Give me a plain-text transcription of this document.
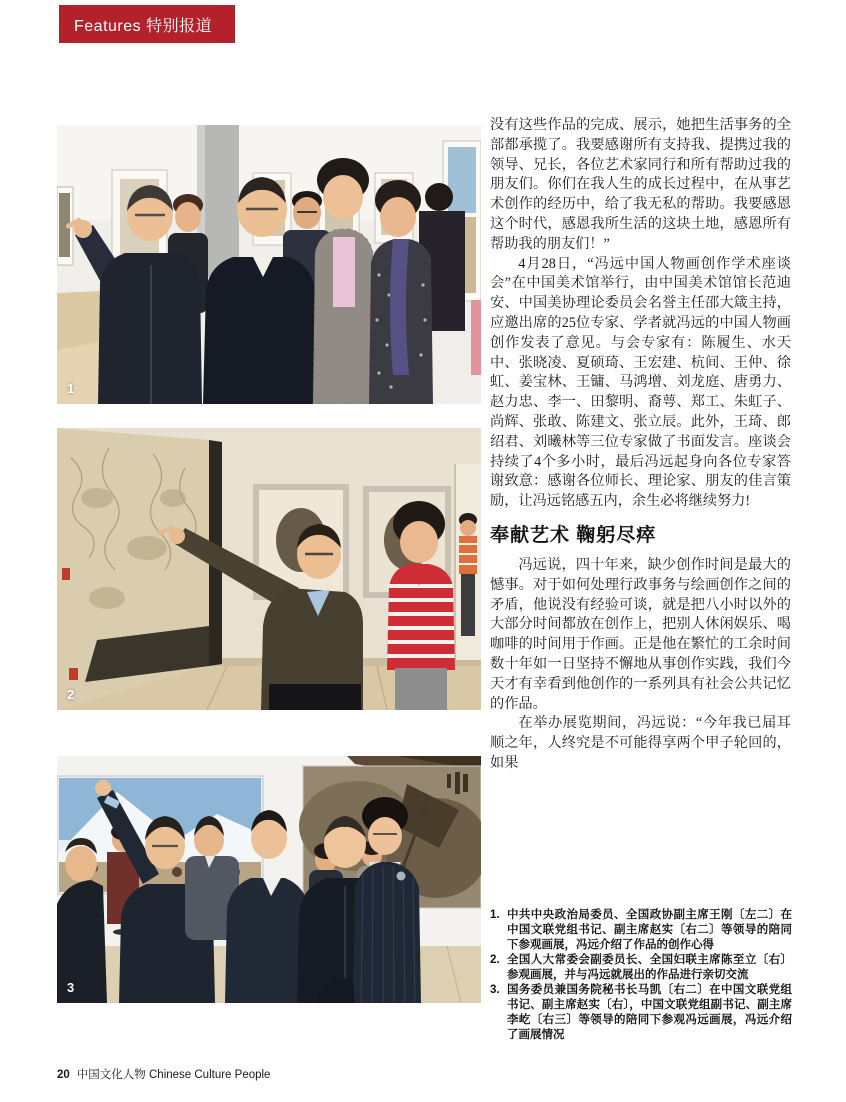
Features 特别报道
1
2
3

没有这些作品的完成、展示，她把生活事务的全部都承揽了。我要感谢所有支持我、提携过我的领导、兄长，各位艺术家同行和所有帮助过我的朋友们。你们在我人生的成长过程中，在从事艺术创作的经历中，给了我无私的帮助。我要感恩这个时代，感恩我所生活的这块土地，感恩所有帮助我的朋友们！”

4月28日，“冯远中国人物画创作学术座谈会”在中国美术馆举行，由中国美术馆馆长范迪安、中国美协理论委员会名誉主任邵大箴主持，应邀出席的25位专家、学者就冯远的中国人物画创作发表了意见。与会专家有：陈履生、水天中、张晓凌、夏硕琦、王宏建、杭间、王仲、徐虹、姜宝林、王镛、马鸿增、刘龙庭、唐勇力、赵力忠、李一、田黎明、裔萼、郑工、朱虹子、尚辉、张敢、陈建文、张立辰。此外，王琦、郎绍君、刘曦林等三位专家做了书面发言。座谈会持续了4个多小时，最后冯远起身向各位专家答谢致意：感谢各位师长、理论家、朋友的佳言策励，让冯远铭感五内，余生必将继续努力!

奉献艺术 鞠躬尽瘁

冯远说，四十年来，缺少创作时间是最大的憾事。对于如何处理行政事务与绘画创作之间的矛盾，他说没有经验可谈，就是把八小时以外的大部分时间都放在创作上，把别人休闲娱乐、喝咖啡的时间用于作画。正是他在繁忙的工余时间数十年如一日坚持不懈地从事创作实践，我们今天才有幸看到他创作的一系列具有社会公共记忆的作品。

在举办展览期间，冯远说：“今年我已届耳顺之年，人终究是不可能得享两个甲子轮回的，如果

1. 中共中央政治局委员、全国政协副主席王刚〔左二〕在中国文联党组书记、副主席赵实〔右二〕等领导的陪同下参观画展，冯远介绍了作品的创作心得
2. 全国人大常委会副委员长、全国妇联主席陈至立〔右〕参观画展，并与冯远就展出的作品进行亲切交流
3. 国务委员兼国务院秘书长马凯〔右二〕在中国文联党组书记、副主席赵实〔右〕，中国文联党组副书记、副主席李屹〔右三〕等领导的陪同下参观冯远画展，冯远介绍了画展情况
20 中国文化人物 Chinese Culture People
